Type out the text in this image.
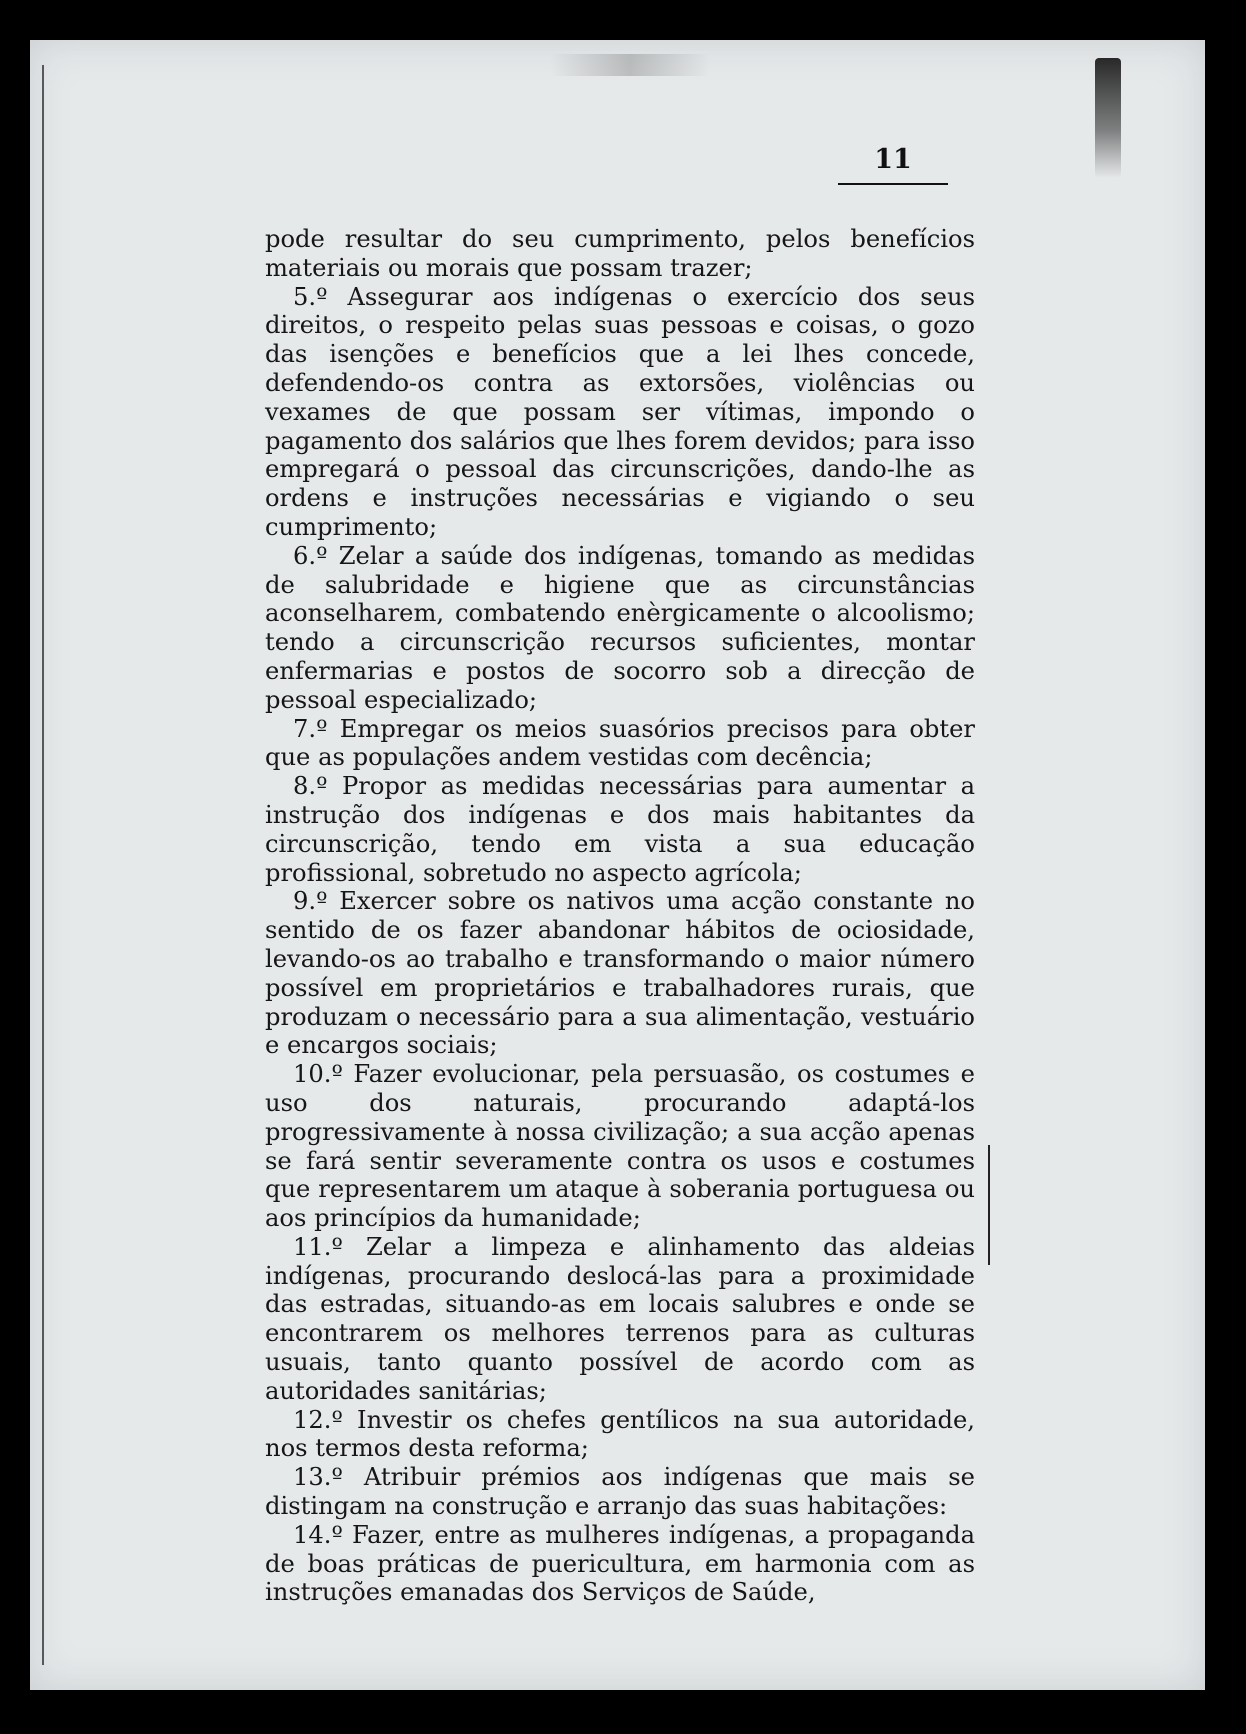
11

pode resultar do seu cumprimento, pelos benefícios materiais ou morais que possam trazer;

5.º Assegurar aos indígenas o exercício dos seus direitos, o respeito pelas suas pessoas e coisas, o gozo das isenções e benefícios que a lei lhes concede, defendendo-os contra as extorsões, violências ou vexames de que possam ser vítimas, impondo o pagamento dos salários que lhes forem devidos; para isso empregará o pessoal das circunscrições, dando-lhe as ordens e instruções necessárias e vigiando o seu cumprimento;

6.º Zelar a saúde dos indígenas, tomando as medidas de salubridade e higiene que as circunstâncias aconselharem, combatendo enèrgicamente o alcoolismo; tendo a circunscrição recursos suficientes, montar enfermarias e postos de socorro sob a direcção de pessoal especializado;

7.º Empregar os meios suasórios precisos para obter que as populações andem vestidas com decência;

8.º Propor as medidas necessárias para aumentar a instrução dos indígenas e dos mais habitantes da circunscrição, tendo em vista a sua educação profissional, sobretudo no aspecto agrícola;

9.º Exercer sobre os nativos uma acção constante no sentido de os fazer abandonar hábitos de ociosidade, levando-os ao trabalho e transformando o maior número possível em proprietários e trabalhadores rurais, que produzam o necessário para a sua alimentação, vestuário e encargos sociais;

10.º Fazer evolucionar, pela persuasão, os costumes e uso dos naturais, procurando adaptá-los progressivamente à nossa civilização; a sua acção apenas se fará sentir severamente contra os usos e costumes que representarem um ataque à soberania portuguesa ou aos princípios da humanidade;

11.º Zelar a limpeza e alinhamento das aldeias indígenas, procurando deslocá-las para a proximidade das estradas, situando-as em locais salubres e onde se encontrarem os melhores terrenos para as culturas usuais, tanto quanto possível de acordo com as autoridades sanitárias;

12.º Investir os chefes gentílicos na sua autoridade, nos termos desta reforma;

13.º Atribuir prémios aos indígenas que mais se distingam na construção e arranjo das suas habitações:

14.º Fazer, entre as mulheres indígenas, a propaganda de boas práticas de puericultura, em harmonia com as instruções emanadas dos Serviços de Saúde,
